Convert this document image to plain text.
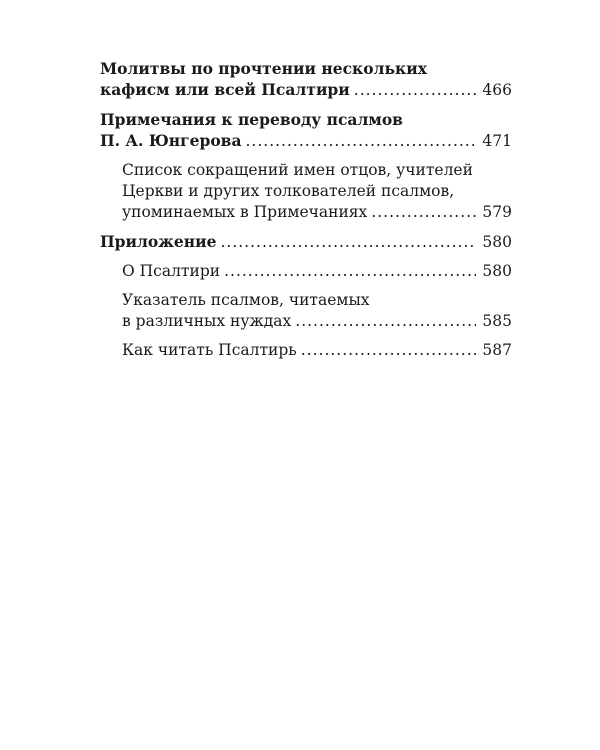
Молитвы по прочтении нескольких
кафисм или всей Псалтири .....	466
Примечания к переводу псалмов
П. А. Юнгерова .....	471
Список сокращений имен отцов, учителей
Церкви и других толкователей псалмов,
упоминаемых в Примечаниях .....	579
Приложение .....	580
О Псалтири .....	580
Указатель псалмов, читаемых
в различных нуждах .....	585
Как читать Псалтирь .....	587
